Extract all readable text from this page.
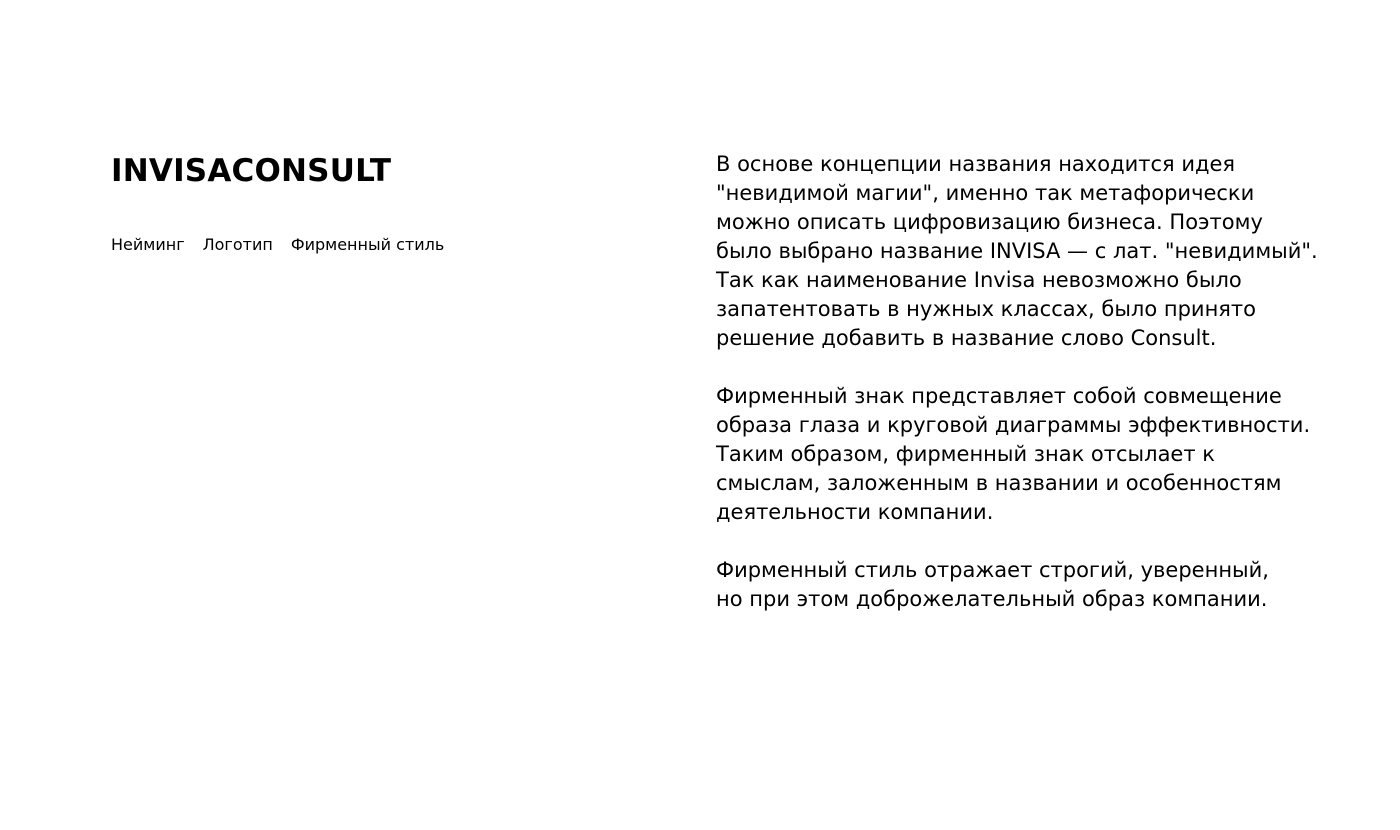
INVISACONSULT
Нейминг Логотип Фирменный стиль

В основе концепции названия находится идея
"невидимой магии", именно так метафорически
можно описать цифровизацию бизнеса. Поэтому
было выбрано название INVISA — с лат. "невидимый".
Так как наименование Invisa невозможно было
запатентовать в нужных классах, было принято
решение добавить в название слово Consult.

Фирменный знак представляет собой совмещение
образа глаза и круговой диаграммы эффективности.
Таким образом, фирменный знак отсылает к
смыслам, заложенным в названии и особенностям
деятельности компании.

Фирменный стиль отражает строгий, уверенный,
но при этом доброжелательный образ компании.
